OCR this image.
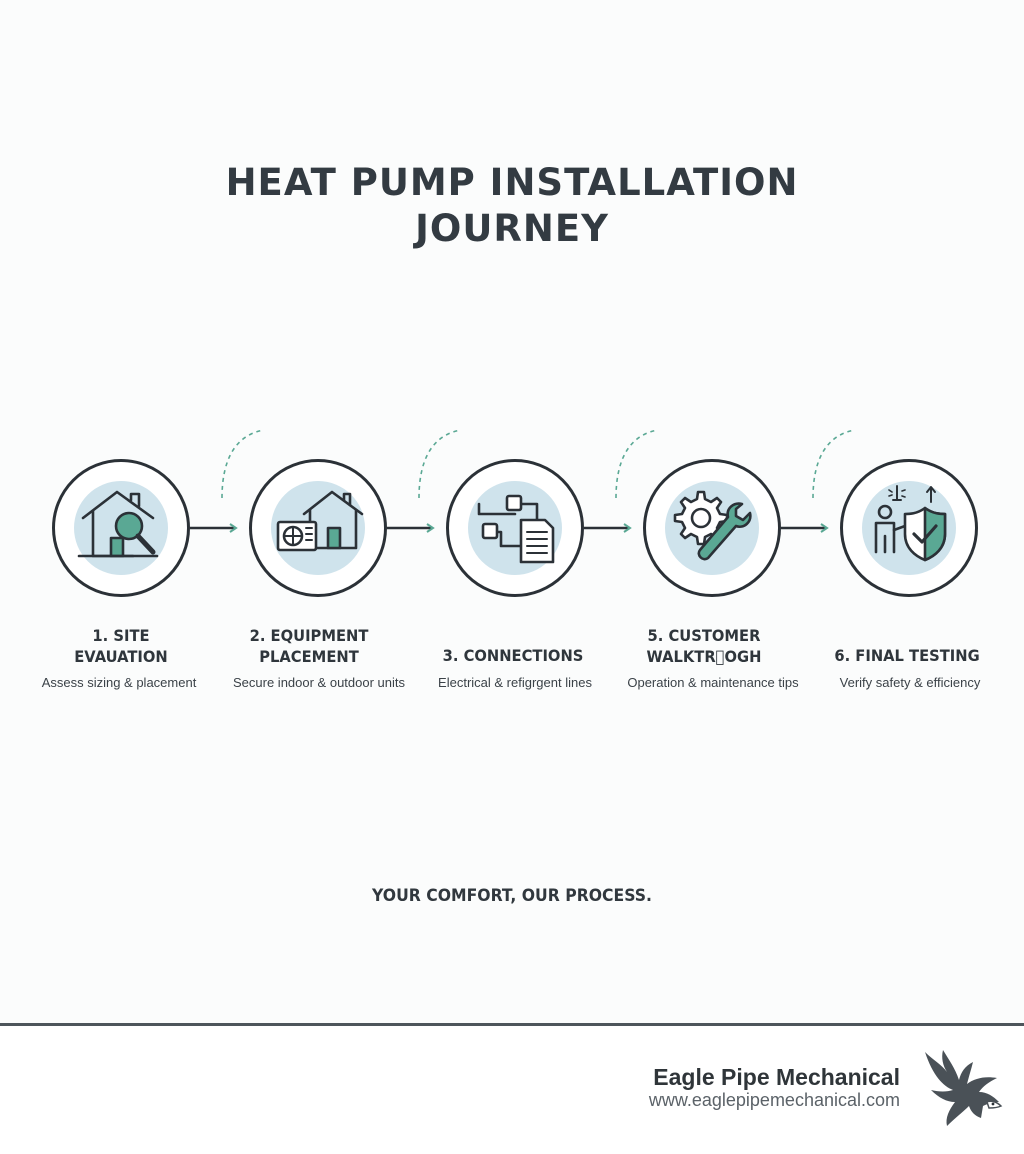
HEAT PUMP INSTALLATION
JOURNEY
1. SITE
EVAUATION
Assess sizing & placement
2. EQUIPMENT
PLACEMENT
Secure indoor & outdoor units
3. CONNECTIONS
Electrical & refigrgent lines
5. CUSTOMER
WALKTR OGH
Operation & maintenance tips
6. FINAL TESTING
Verify safety & efficiency
YOUR COMFORT, OUR PROCESS.
Eagle Pipe Mechanical
www.eaglepipemechanical.com
